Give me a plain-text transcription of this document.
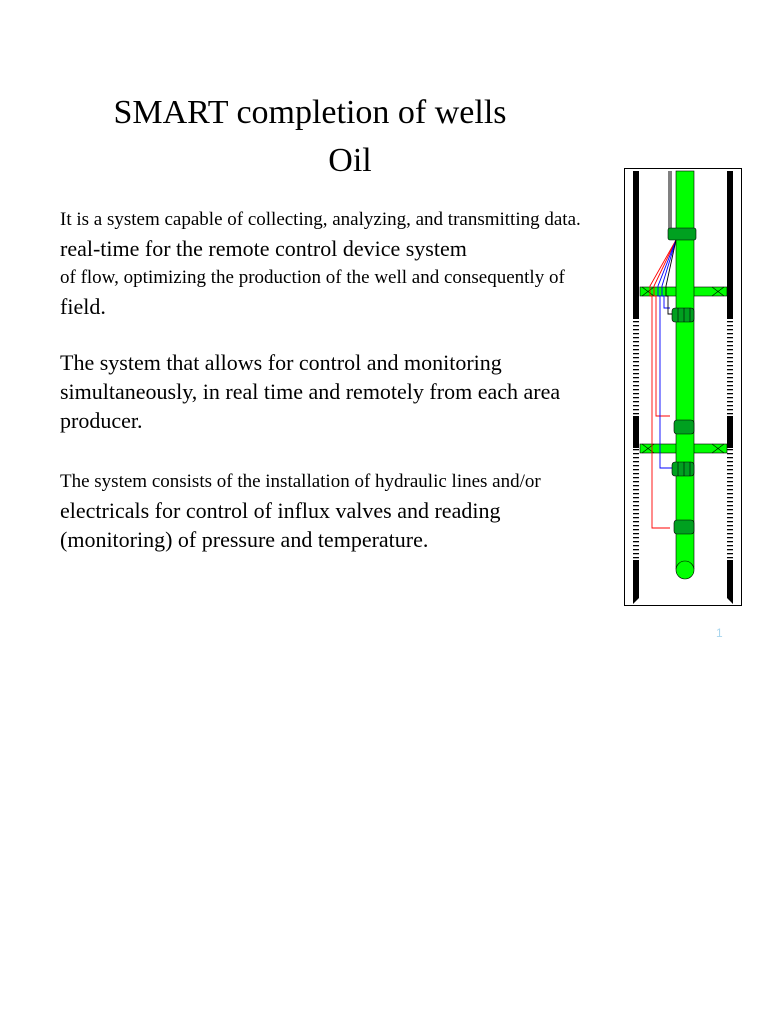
SMART completion of wells
Oil
It is a system capable of collecting, analyzing, and transmitting data.
real-time for the remote control device system
of flow, optimizing the production of the well and consequently of
field.
The system that allows for control and monitoring
simultaneously, in real time and remotely from each area
producer.
The system consists of the installation of hydraulic lines and/or
electricals for control of influx valves and reading
(monitoring) of pressure and temperature.
1
